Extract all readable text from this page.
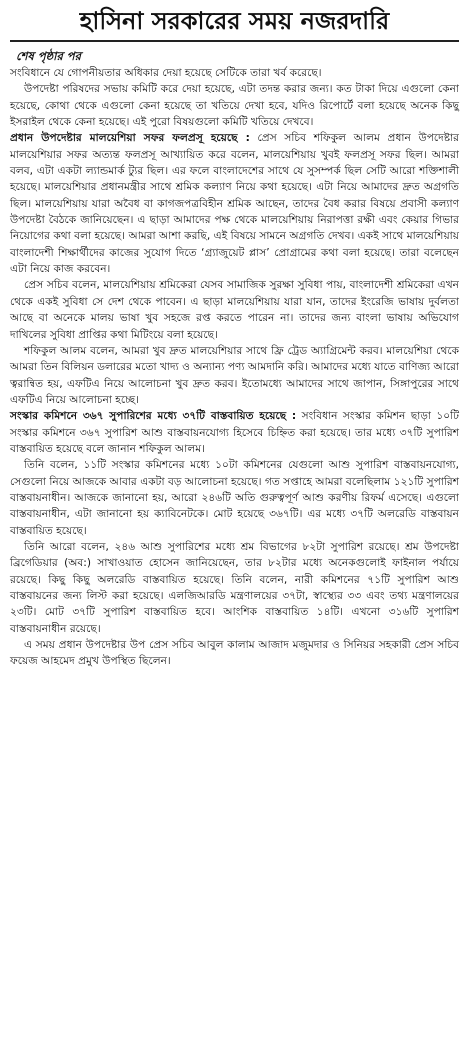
হাসিনা সরকারের সময় নজরদারি
শেষ পৃষ্ঠার পর

সংবিধানে যে গোপনীয়তার অধিকার দেয়া হয়েছে সেটিকে তারা খর্ব করেছে।

উপদেষ্টা পরিষদের সভায় কমিটি করে দেয়া হয়েছে, এটা তদন্ত করার জন্য। কত টাকা দিয়ে এগুলো কেনা হয়েছে, কোথা থেকে এগুলো কেনা হয়েছে তা খতিয়ে দেখা হবে, যদিও রিপোর্টে বলা হয়েছে অনেক কিছু ইসরাইল থেকে কেনা হয়েছে। এই পুরো বিষয়গুলো কমিটি খতিয়ে দেখবে।

প্রধান উপদেষ্টার মালয়েশিয়া সফর ফলপ্রসূ হয়েছে : প্রেস সচিব শফিকুল আলম প্রধান উপদেষ্টার মালয়েশিয়ার সফর অত্যন্ত ফলপ্রসূ আখ্যায়িত করে বলেন, মালয়েশিয়ায় খুবই ফলপ্রসূ সফর ছিল। আমরা বলব, এটা একটা ল্যান্ডমার্ক ট্যুর ছিল। এর ফলে বাংলাদেশের সাথে যে সুসম্পর্ক ছিল সেটি আরো শক্তিশালী হয়েছে। মালয়েশিয়ার প্রধানমন্ত্রীর সাথে শ্রমিক কল্যাণ নিয়ে কথা হয়েছে। এটা নিয়ে আমাদের দ্রুত অগ্রগতি ছিল। মালয়েশিয়ায় যারা অবৈধ বা কাগজপত্রবিহীন শ্রমিক আছেন, তাদের বৈধ করার বিষয়ে প্রবাসী কল্যাণ উপদেষ্টা বৈঠকে জানিয়েছেন। এ ছাড়া আমাদের পক্ষ থেকে মালয়েশিয়ায় নিরাপত্তা রক্ষী এবং কেয়ার গিভার নিয়োগের কথা বলা হয়েছে। আমরা আশা করছি, এই বিষয়ে সামনে অগ্রগতি দেখব। একই সাথে মালয়েশিয়ায় বাংলাদেশী শিক্ষার্থীদের কাজের সুযোগ দিতে ‘গ্র্যাজুয়েট প্লাস’ প্রোগ্রামের কথা বলা হয়েছে। তারা বলেছেন এটা নিয়ে কাজ করবেন।

প্রেস সচিব বলেন, মালয়েশিয়ায় শ্রমিকেরা যেসব সামাজিক সুরক্ষা সুবিধা পায়, বাংলাদেশী শ্রমিকেরা এখন থেকে একই সুবিধা সে দেশ থেকে পাবেন। এ ছাড়া মালয়েশিয়ায় যারা যান, তাদের ইংরেজি ভাষায় দুর্বলতা আছে বা অনেকে মালয় ভাষা খুব সহজে রপ্ত করতে পারেন না। তাদের জন্য বাংলা ভাষায় অভিযোগ দাখিলের সুবিধা প্রাপ্তির কথা মিটিংয়ে বলা হয়েছে।

শফিকুল আলম বলেন, আমরা খুব দ্রুত মালয়েশিয়ার সাথে ফ্রি ট্রেড অ্যাগ্রিমেন্ট করব। মালয়েশিয়া থেকে আমরা তিন বিলিয়ন ডলারের মতো খাদ্য ও অন্যান্য পণ্য আমদানি করি। আমাদের মধ্যে যাতে বাণিজ্য আরো ত্বরান্বিত হয়, এফটিএ নিয়ে আলোচনা খুব দ্রুত করব। ইতোমধ্যে আমাদের সাথে জাপান, সিঙ্গাপুরের সাথে এফটিএ নিয়ে আলোচনা হচ্ছে।

সংস্কার কমিশনে ৩৬৭ সুপারিশের মধ্যে ৩৭টি বাস্তবায়িত হয়েছে : সংবিধান সংস্কার কমিশন ছাড়া ১০টি সংস্কার কমিশনে ৩৬৭ সুপারিশ আশু বাস্তবায়নযোগ্য হিসেবে চিহ্নিত করা হয়েছে। তার মধ্যে ৩৭টি সুপারিশ বাস্তবায়িত হয়েছে বলে জানান শফিকুল আলম।

তিনি বলেন, ১১টি সংস্কার কমিশনের মধ্যে ১০টা কমিশনের যেগুলো আশু সুপারিশ বাস্তবায়নযোগ্য, সেগুলো নিয়ে আজকে আবার একটা বড় আলোচনা হয়েছে। গত সপ্তাহে আমরা বলেছিলাম ১২১টি সুপারিশ বাস্তবায়নাধীন। আজকে জানানো হয়, আরো ২৪৬টি অতি গুরুত্বপূর্ণ আশু করণীয় রিফর্ম এসেছে। এগুলো বাস্তবায়নাধীন, এটা জানানো হয় ক্যাবিনেটকে। মোট হয়েছে ৩৬৭টি। এর মধ্যে ৩৭টি অলরেডি বাস্তবায়ন বাস্তবায়িত হয়েছে।

তিনি আরো বলেন, ২৪৬ আশু সুপারিশের মধ্যে শ্রম বিভাগের ৮২টা সুপারিশ রয়েছে। শ্রম উপদেষ্টা ব্রিগেডিয়ার (অব:) সাখাওয়াত হোসেন জানিয়েছেন, তার ৮২টার মধ্যে অনেকগুলোই ফাইনাল পর্যায়ে রয়েছে। কিছু কিছু অলরেডি বাস্তবায়িত হয়েছে। তিনি বলেন, নারী কমিশনের ৭১টি সুপারিশ আশু বাস্তবায়নের জন্য লিস্ট করা হয়েছে। এলজিআরডি মন্ত্রণালয়ের ৩৭টা, স্বাস্থ্যের ৩৩ এবং তথ্য মন্ত্রণালয়ের ২৩টি। মোট ৩৭টি সুপারিশ বাস্তবায়িত হবে। আংশিক বাস্তবায়িত ১৪টি। এখনো ৩১৬টি সুপারিশ বাস্তবায়নাধীন রয়েছে।

এ সময় প্রধান উপদেষ্টার উপ প্রেস সচিব আবুল কালাম আজাদ মজুমদার ও সিনিয়র সহকারী প্রেস সচিব ফয়েজ আহমেদ প্রমুখ উপস্থিত ছিলেন।
